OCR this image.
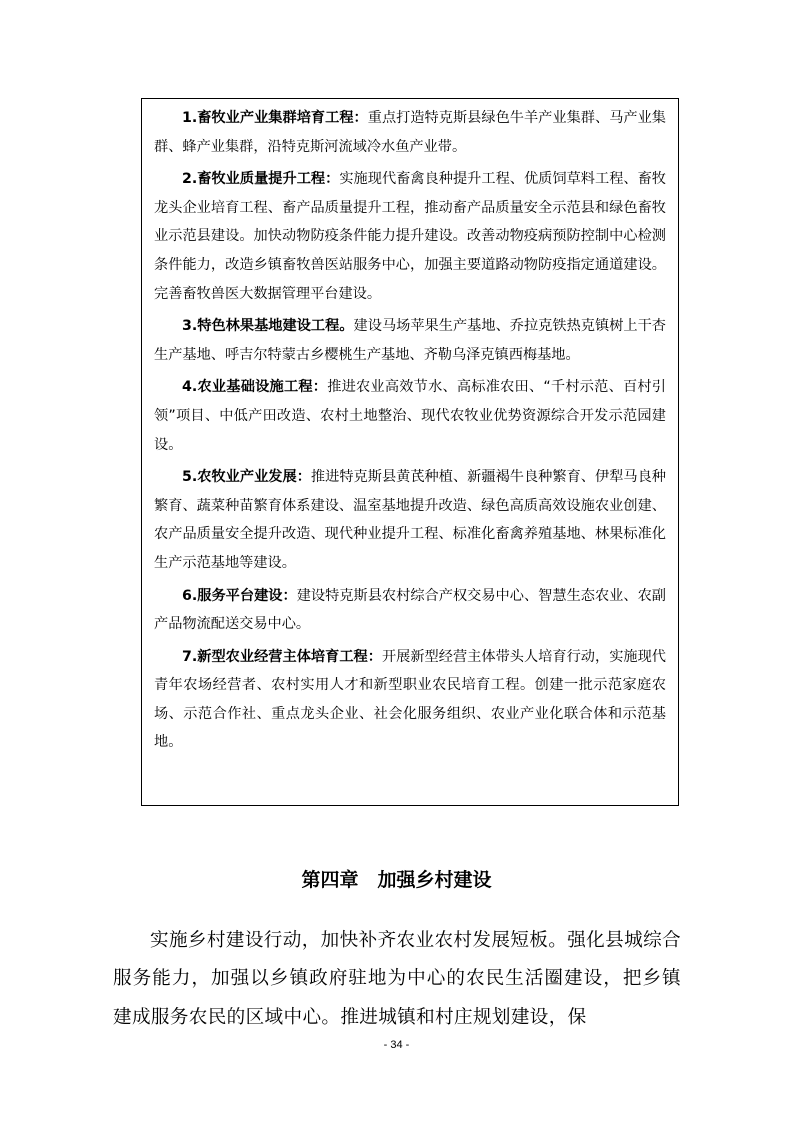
1.畜牧业产业集群培育工程：重点打造特克斯县绿色牛羊产业集群、马产业集群、蜂产业集群，沿特克斯河流域冷水鱼产业带。

2.畜牧业质量提升工程：实施现代畜禽良种提升工程、优质饲草料工程、畜牧龙头企业培育工程、畜产品质量提升工程，推动畜产品质量安全示范县和绿色畜牧业示范县建设。加快动物防疫条件能力提升建设。改善动物疫病预防控制中心检测条件能力，改造乡镇畜牧兽医站服务中心，加强主要道路动物防疫指定通道建设。完善畜牧兽医大数据管理平台建设。

3.特色林果基地建设工程。建设马场苹果生产基地、乔拉克铁热克镇树上干杏生产基地、呼吉尔特蒙古乡樱桃生产基地、齐勒乌泽克镇西梅基地。

4.农业基础设施工程：推进农业高效节水、高标准农田、“千村示范、百村引领”项目、中低产田改造、农村土地整治、现代农牧业优势资源综合开发示范园建设。

5.农牧业产业发展：推进特克斯县黄芪种植、新疆褐牛良种繁育、伊犁马良种繁育、蔬菜种苗繁育体系建设、温室基地提升改造、绿色高质高效设施农业创建、农产品质量安全提升改造、现代种业提升工程、标准化畜禽养殖基地、林果标准化生产示范基地等建设。

6.服务平台建设：建设特克斯县农村综合产权交易中心、智慧生态农业、农副产品物流配送交易中心。

7.新型农业经营主体培育工程：开展新型经营主体带头人培育行动，实施现代青年农场经营者、农村实用人才和新型职业农民培育工程。创建一批示范家庭农场、示范合作社、重点龙头企业、社会化服务组织、农业产业化联合体和示范基地。

第四章　加强乡村建设

实施乡村建设行动，加快补齐农业农村发展短板。强化县城综合服务能力，加强以乡镇政府驻地为中心的农民生活圈建设，把乡镇建成服务农民的区域中心。推进城镇和村庄规划建设，保

- 34 -
